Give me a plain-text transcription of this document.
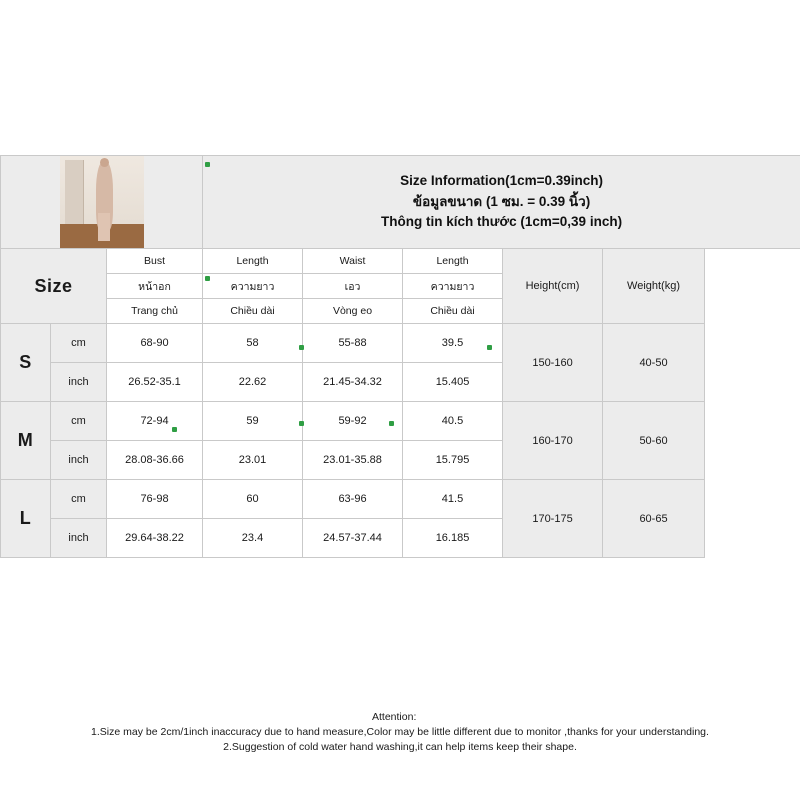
			Size Information(1cm=0.39inch)
ข้อมูลขนาด (1 ซม. = 0.39 นิ้ว)
Thông tin kích thước (1cm=0,39 inch)				

Size		Bust	Length	Waist	Length	Height(cm)	Weight(kg)
		หน้าอก	ความยาว	เอว	ความยาว		
		Trang chủ	Chiều dài	Vòng eo	Chiều dài		
S	cm	68-90	58	55-88	39.5	150-160	40-50
	inch	26.52-35.1	22.62	21.45-34.32	15.405		
M	cm	72-94	59	59-92	40.5	160-170	50-60
	inch	28.08-36.66	23.01	23.01-35.88	15.795		
L	cm	76-98	60	63-96	41.5	170-175	60-65
	inch	29.64-38.22	23.4	24.57-37.44	16.185		
Attention:
1.Size may be 2cm/1inch inaccuracy due to hand measure,Color may be little different due to monitor ,thanks for your understanding.
2.Suggestion of cold water hand washing,it can help items keep their shape.
